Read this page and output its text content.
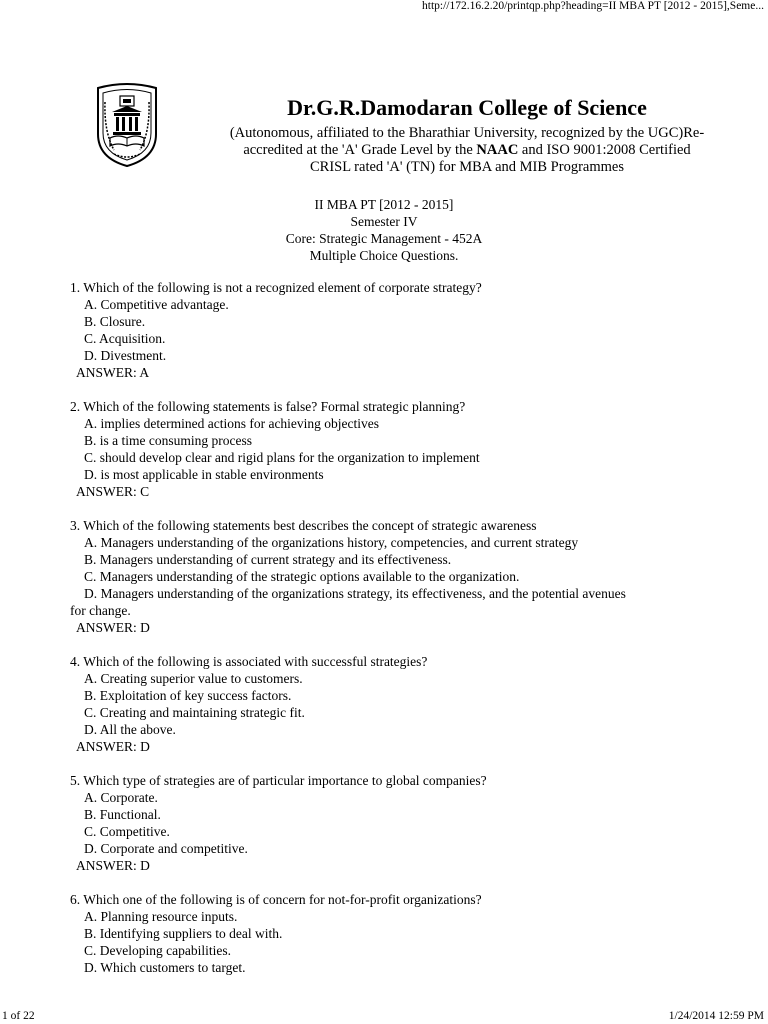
http://172.16.2.20/printqp.php?heading=II MBA PT [2012 - 2015],Seme...
Dr.G.R.Damodaran College of Science
(Autonomous, affiliated to the Bharathiar University, recognized by the UGC)Re-
accredited at the 'A' Grade Level by the NAAC and ISO 9001:2008 Certified
CRISL rated 'A' (TN) for MBA and MIB Programmes
II MBA PT [2012 - 2015]
Semester IV
Core: Strategic Management - 452A
Multiple Choice Questions.
1. Which of the following is not a recognized element of corporate strategy?
A. Competitive advantage.
B. Closure.
C. Acquisition.
D. Divestment.
ANSWER: A
2. Which of the following statements is false? Formal strategic planning?
A. implies determined actions for achieving objectives
B. is a time consuming process
C. should develop clear and rigid plans for the organization to implement
D. is most applicable in stable environments
ANSWER: C
3. Which of the following statements best describes the concept of strategic awareness
A. Managers understanding of the organizations history, competencies, and current strategy
B. Managers understanding of current strategy and its effectiveness.
C. Managers understanding of the strategic options available to the organization.
D. Managers understanding of the organizations strategy, its effectiveness, and the potential avenues
for change.
ANSWER: D
4. Which of the following is associated with successful strategies?
A. Creating superior value to customers.
B. Exploitation of key success factors.
C. Creating and maintaining strategic fit.
D. All the above.
ANSWER: D
5. Which type of strategies are of particular importance to global companies?
A. Corporate.
B. Functional.
C. Competitive.
D. Corporate and competitive.
ANSWER: D
6. Which one of the following is of concern for not-for-profit organizations?
A. Planning resource inputs.
B. Identifying suppliers to deal with.
C. Developing capabilities.
D. Which customers to target.
1 of 22	1/24/2014 12:59 PM
